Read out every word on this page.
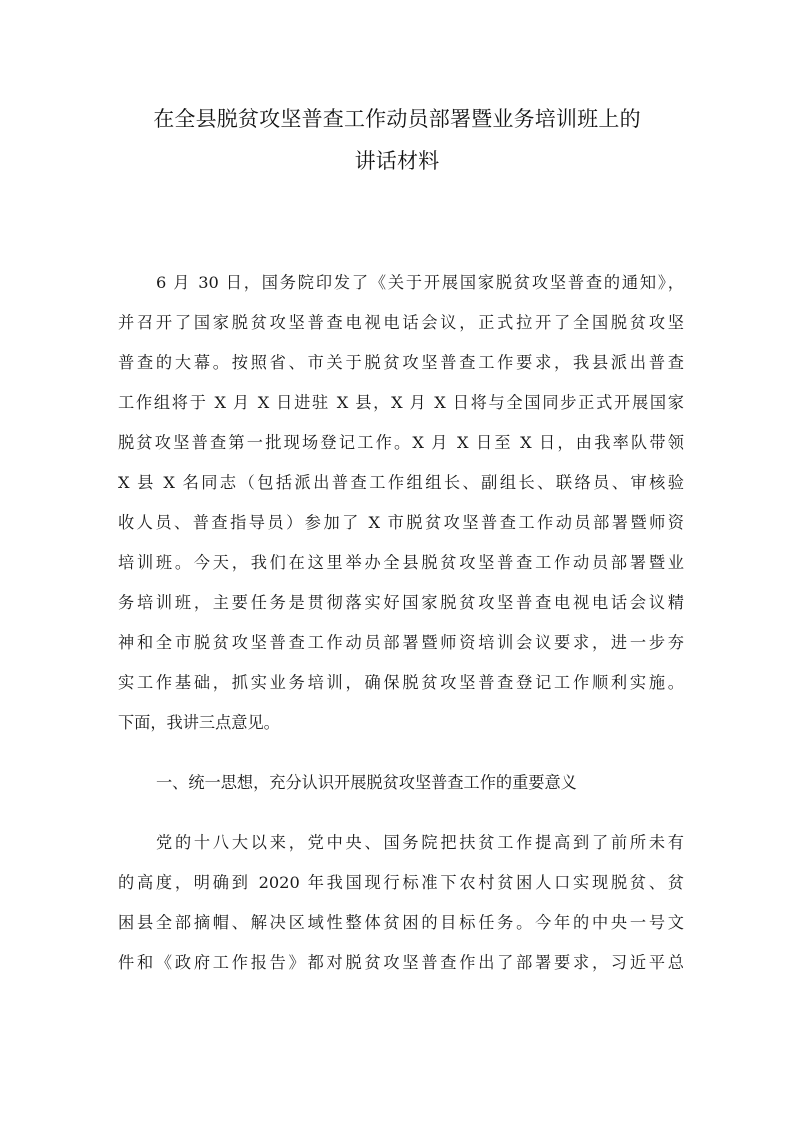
在全县脱贫攻坚普查工作动员部署暨业务培训班上的
讲话材料
6 月 30 日，国务院印发了《关于开展国家脱贫攻坚普查的通知》，
并召开了国家脱贫攻坚普查电视电话会议，正式拉开了全国脱贫攻坚
普查的大幕。按照省、市关于脱贫攻坚普查工作要求，我县派出普查
工作组将于 X 月 X 日进驻 X 县，X 月 X 日将与全国同步正式开展国家
脱贫攻坚普查第一批现场登记工作。X 月 X 日至 X 日，由我率队带领
X 县 X 名同志（包括派出普查工作组组长、副组长、联络员、审核验
收人员、普查指导员）参加了 X 市脱贫攻坚普查工作动员部署暨师资
培训班。今天，我们在这里举办全县脱贫攻坚普查工作动员部署暨业
务培训班，主要任务是贯彻落实好国家脱贫攻坚普查电视电话会议精
神和全市脱贫攻坚普查工作动员部署暨师资培训会议要求，进一步夯
实工作基础，抓实业务培训，确保脱贫攻坚普查登记工作顺利实施。
下面，我讲三点意见。
一、统一思想，充分认识开展脱贫攻坚普查工作的重要意义
党的十八大以来，党中央、国务院把扶贫工作提高到了前所未有
的高度，明确到 2020 年我国现行标准下农村贫困人口实现脱贫、贫
困县全部摘帽、解决区域性整体贫困的目标任务。今年的中央一号文
件和《政府工作报告》都对脱贫攻坚普查作出了部署要求，习近平总
